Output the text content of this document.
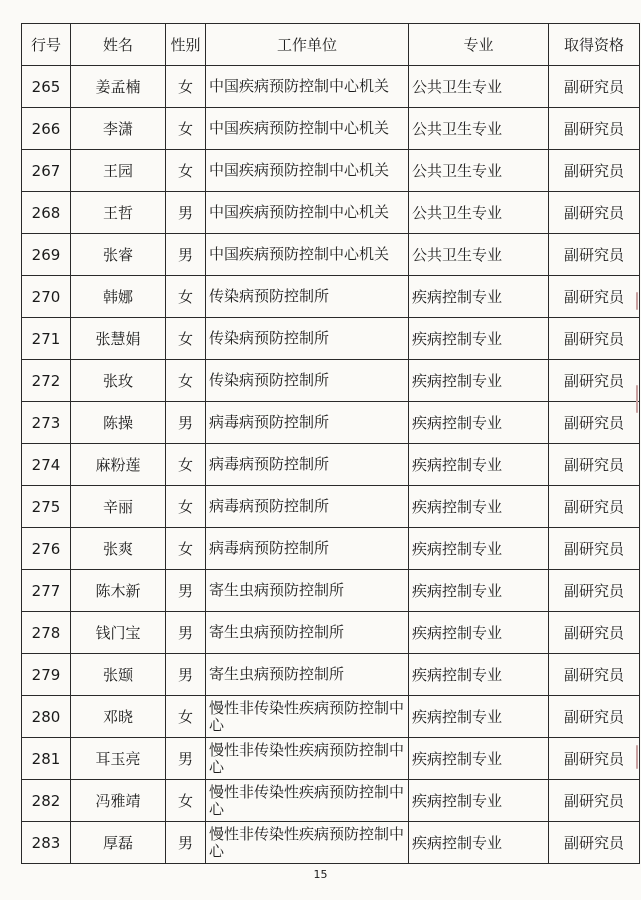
行号	姓名	性别	工作单位	专业	取得资格
265	姜孟楠	女	中国疾病预防控制中心机关	公共卫生专业	副研究员
266	李潇	女	中国疾病预防控制中心机关	公共卫生专业	副研究员
267	王园	女	中国疾病预防控制中心机关	公共卫生专业	副研究员
268	王哲	男	中国疾病预防控制中心机关	公共卫生专业	副研究员
269	张睿	男	中国疾病预防控制中心机关	公共卫生专业	副研究员
270	韩娜	女	传染病预防控制所	疾病控制专业	副研究员
271	张慧娟	女	传染病预防控制所	疾病控制专业	副研究员
272	张玫	女	传染病预防控制所	疾病控制专业	副研究员
273	陈操	男	病毒病预防控制所	疾病控制专业	副研究员
274	麻粉莲	女	病毒病预防控制所	疾病控制专业	副研究员
275	辛丽	女	病毒病预防控制所	疾病控制专业	副研究员
276	张爽	女	病毒病预防控制所	疾病控制专业	副研究员
277	陈木新	男	寄生虫病预防控制所	疾病控制专业	副研究员
278	钱门宝	男	寄生虫病预防控制所	疾病控制专业	副研究员
279	张颋	男	寄生虫病预防控制所	疾病控制专业	副研究员
280	邓晓	女	慢性非传染性疾病预防控制中心	疾病控制专业	副研究员
281	耳玉亮	男	慢性非传染性疾病预防控制中心	疾病控制专业	副研究员
282	冯雅靖	女	慢性非传染性疾病预防控制中心	疾病控制专业	副研究员
283	厚磊	男	慢性非传染性疾病预防控制中心	疾病控制专业	副研究员
15
